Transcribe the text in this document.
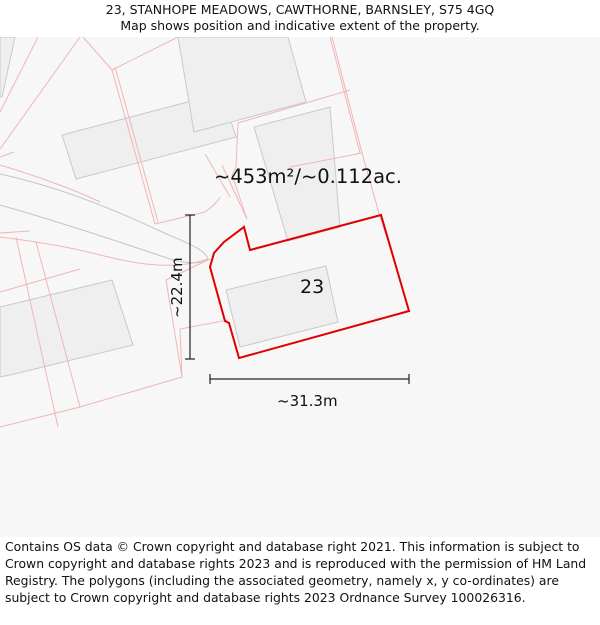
23, STANHOPE MEADOWS, CAWTHORNE, BARNSLEY, S75 4GQ
Map shows position and indicative extent of the property.
~453m²/~0.112ac.
23
~31.3m
~22.4m
Contains OS data © Crown copyright and database right 2021. This information is subject to Crown copyright and database rights 2023 and is reproduced with the permission of HM Land Registry. The polygons (including the associated geometry, namely x, y co-ordinates) are subject to Crown copyright and database rights 2023 Ordnance Survey 100026316.
